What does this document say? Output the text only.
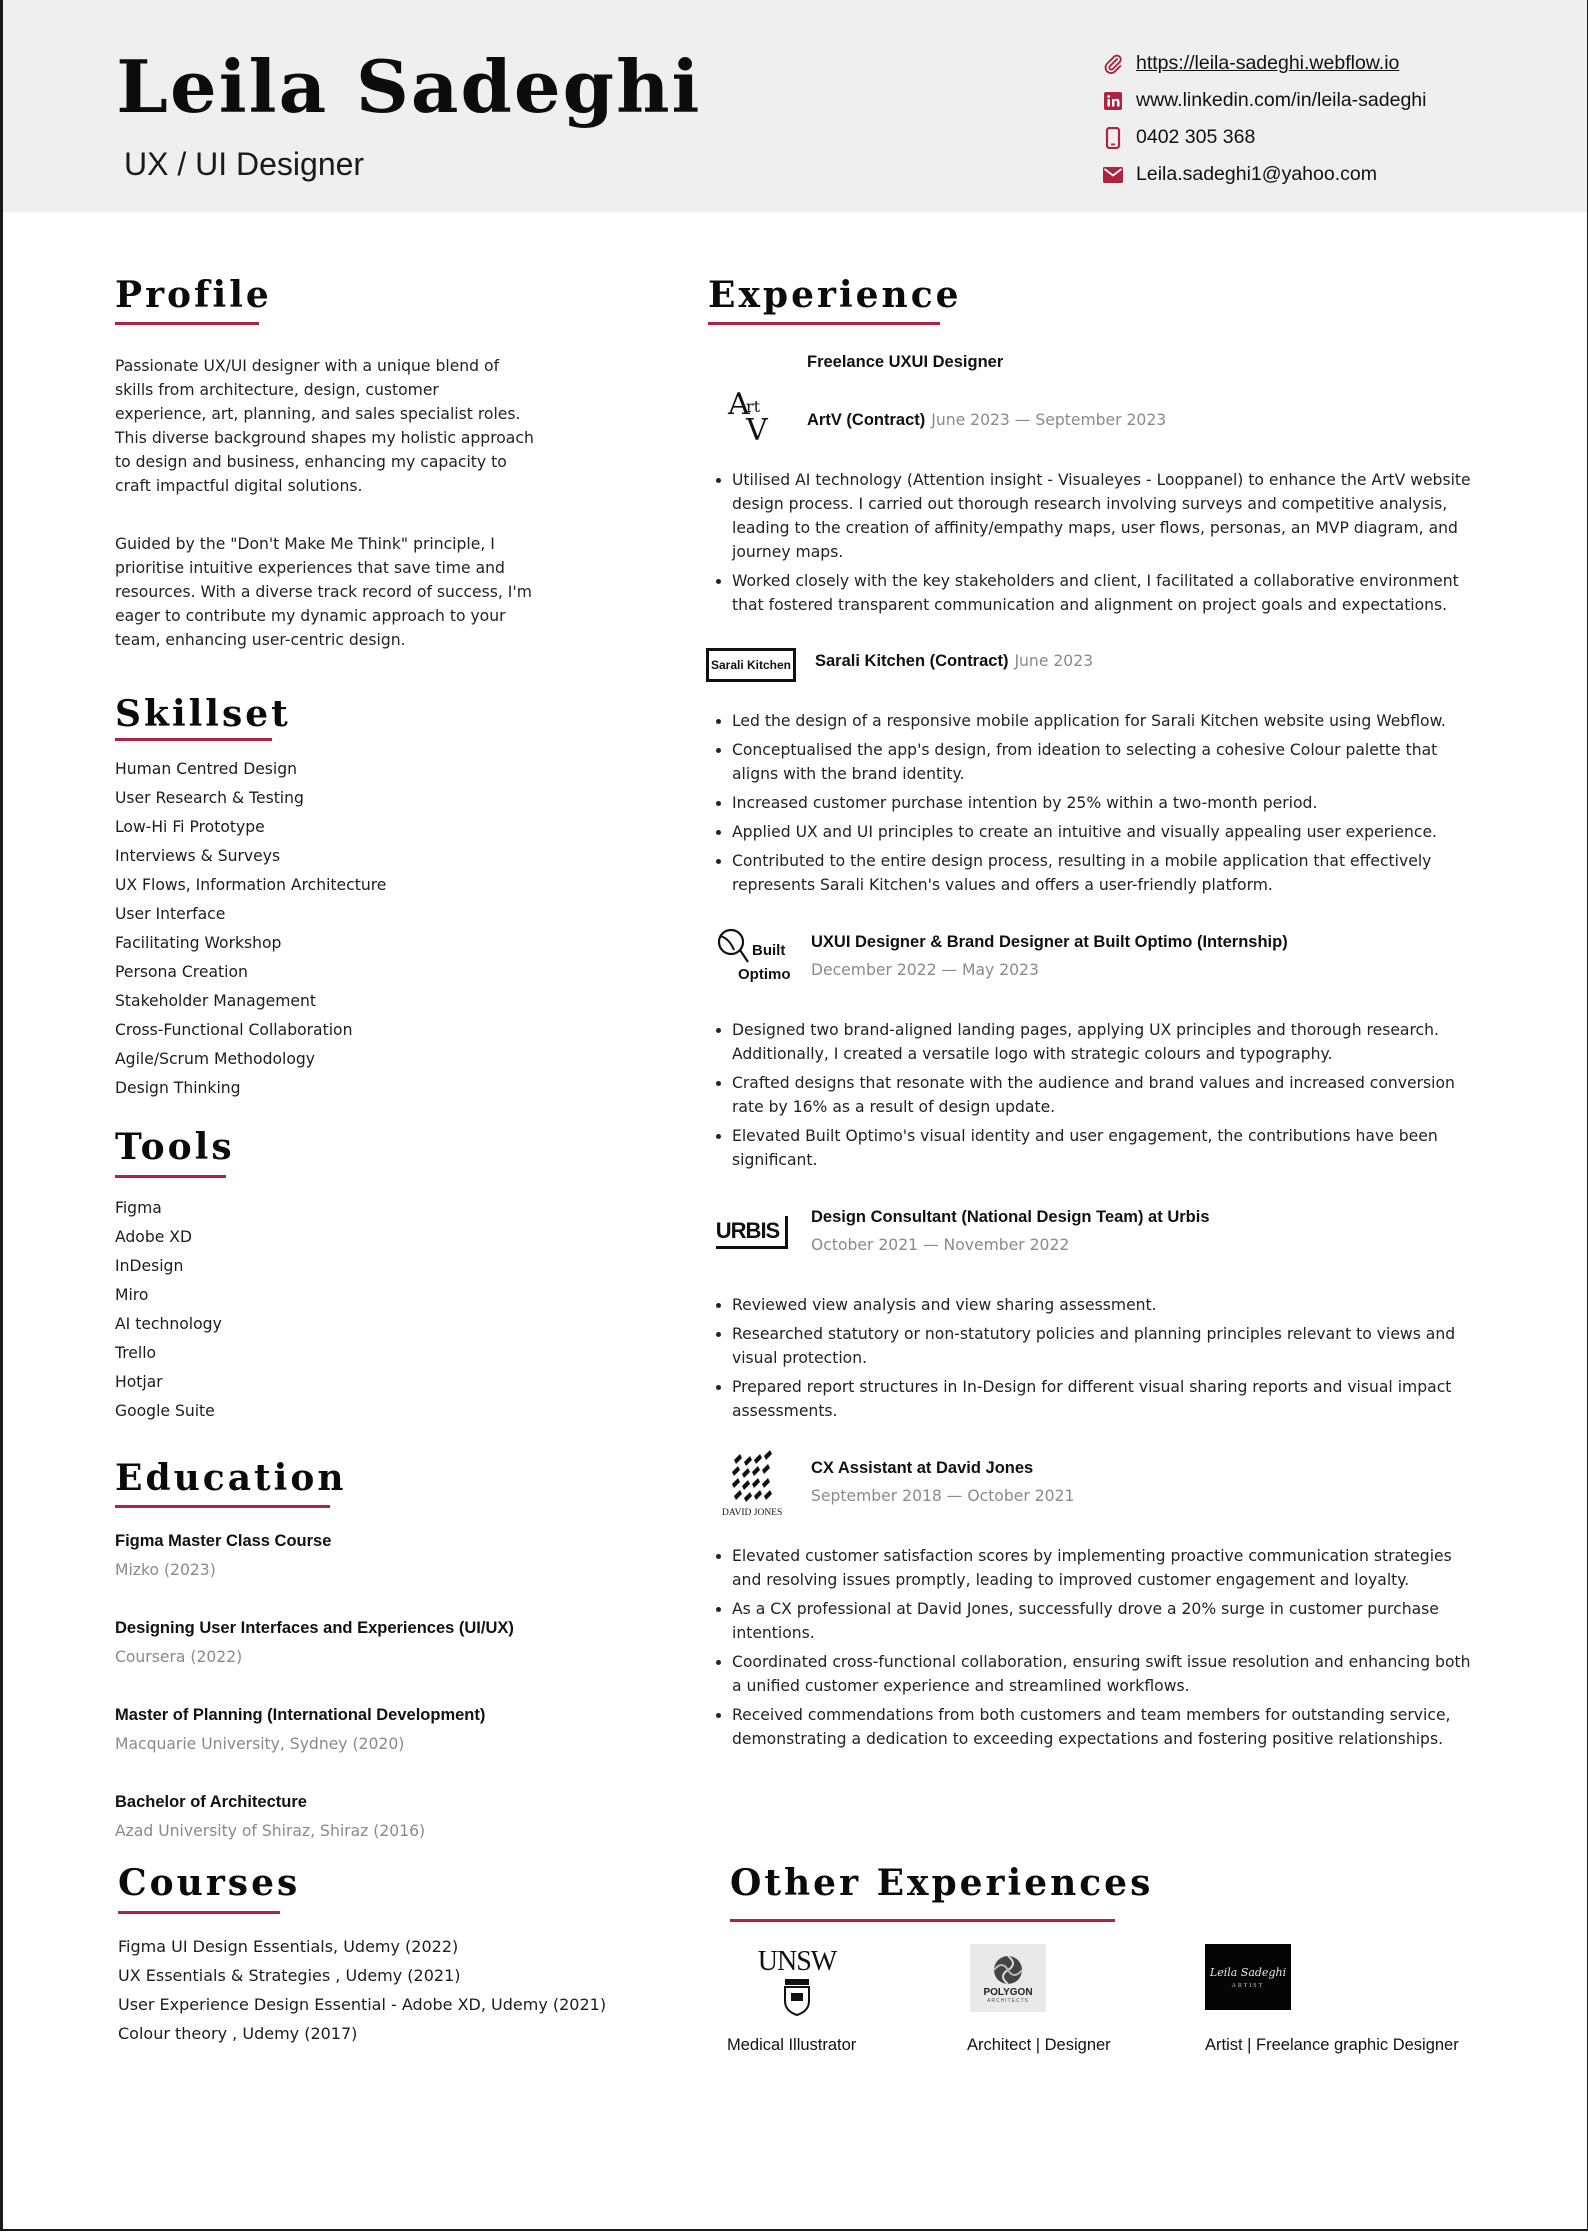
Leila Sadeghi
UX / UI Designer
https://leila-sadeghi.webflow.io
www.linkedin.com/in/leila-sadeghi
0402 305 368
Leila.sadeghi1@yahoo.com
Profile
Passionate UX/UI designer with a unique blend of skills from architecture, design, customer experience, art, planning, and sales specialist roles. This diverse background shapes my holistic approach to design and business, enhancing my capacity to craft impactful digital solutions.
Guided by the "Don't Make Me Think" principle, I prioritise intuitive experiences that save time and resources. With a diverse track record of success, I'm eager to contribute my dynamic approach to your team, enhancing user-centric design.
Skillset
Human Centred Design
User Research & Testing
Low-Hi Fi Prototype
Interviews & Surveys
UX Flows, Information Architecture
User Interface
Facilitating Workshop
Persona Creation
Stakeholder Management
Cross-Functional Collaboration
Agile/Scrum Methodology
Design Thinking
Tools
Figma
Adobe XD
InDesign
Miro
AI technology
Trello
Hotjar
Google Suite
Education
Figma Master Class Course
Mizko (2023)
Designing User Interfaces and Experiences (UI/UX)
Coursera (2022)
Master of Planning (International Development)
Macquarie University, Sydney (2020)
Bachelor of Architecture
Azad University of Shiraz, Shiraz (2016)
Courses
Figma UI Design Essentials, Udemy (2022)
UX Essentials & Strategies , Udemy (2021)
User Experience Design Essential - Adobe XD, Udemy (2021)
Colour theory , Udemy (2017)
Experience
Freelance UXUI Designer
A
rt
V ArtV (Contract) June 2023 — September 2023
Utilised AI technology (Attention insight - Visualeyes - Looppanel) to enhance the ArtV website design process. I carried out thorough research involving surveys and competitive analysis, leading to the creation of affinity/empathy maps, user flows, personas, an MVP diagram, and journey maps.
Worked closely with the key stakeholders and client, I facilitated a collaborative environment that fostered transparent communication and alignment on project goals and expectations.
Sarali Kitchen Sarali Kitchen (Contract) June 2023
Led the design of a responsive mobile application for Sarali Kitchen website using Webflow.
Conceptualised the app's design, from ideation to selecting a cohesive Colour palette that aligns with the brand identity.
Increased customer purchase intention by 25% within a two-month period.
Applied UX and UI principles to create an intuitive and visually appealing user experience.
Contributed to the entire design process, resulting in a mobile application that effectively represents Sarali Kitchen's values and offers a user-friendly platform.
Built
Optimo
UXUI Designer & Brand Designer at Built Optimo (Internship)
December 2022 — May 2023
Designed two brand-aligned landing pages, applying UX principles and thorough research. Additionally, I created a versatile logo with strategic colours and typography.
Crafted designs that resonate with the audience and brand values and increased conversion rate by 16% as a result of design update.
Elevated Built Optimo's visual identity and user engagement, the contributions have been significant.
URBIS
Design Consultant (National Design Team) at Urbis
October 2021 — November 2022
Reviewed view analysis and view sharing assessment.
Researched statutory or non-statutory policies and planning principles relevant to views and visual protection.
Prepared report structures in In-Design for different visual sharing reports and visual impact assessments.
DAVID JONES
CX Assistant at David Jones
September 2018 — October 2021
Elevated customer satisfaction scores by implementing proactive communication strategies and resolving issues promptly, leading to improved customer engagement and loyalty.
As a CX professional at David Jones, successfully drove a 20% surge in customer purchase intentions.
Coordinated cross-functional collaboration, ensuring swift issue resolution and enhancing both a unified customer experience and streamlined workflows.
Received commendations from both customers and team members for outstanding service, demonstrating a dedication to exceeding expectations and fostering positive relationships.
Other Experiences
UNSW
Medical Illustrator
POLYGON
ARCHITECTS
Architect | Designer
Leila Sadeghi
ARTIST
Artist | Freelance graphic Designer
